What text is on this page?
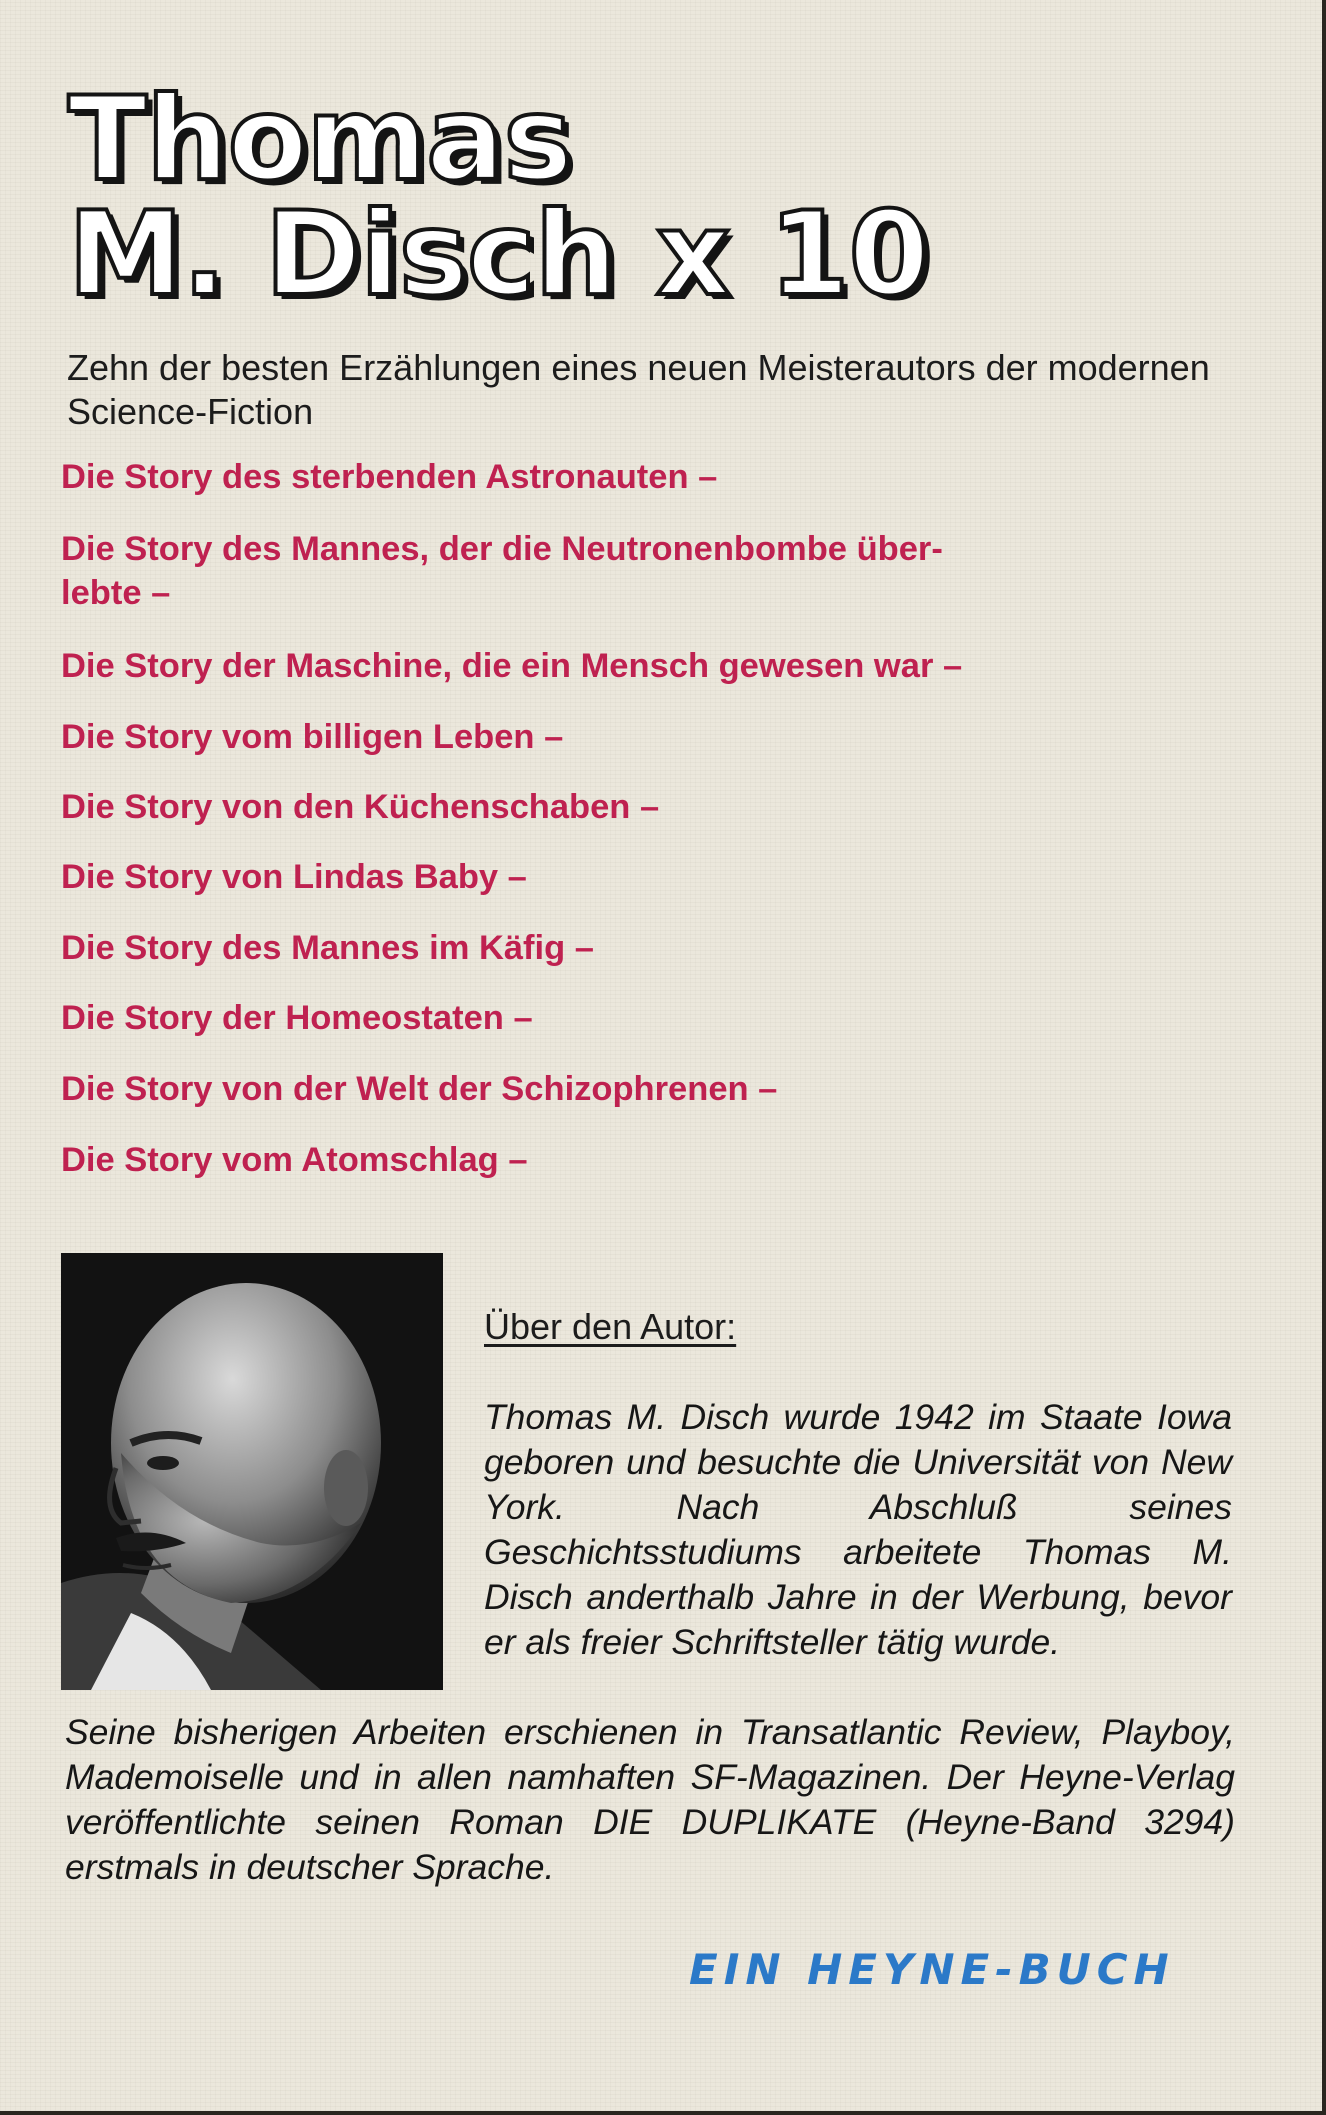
Thomas
M. Disch x 10

Zehn der besten Erzählungen eines neuen Meisterautors der modernen Science-Fiction

Die Story des sterbenden Astronauten –

Die Story des Mannes, der die Neutronenbombe über-

lebte –

Die Story der Maschine, die ein Mensch gewesen war –

Die Story vom billigen Leben –

Die Story von den Küchenschaben –

Die Story von Lindas Baby –

Die Story des Mannes im Käfig –

Die Story der Homeostaten –

Die Story von der Welt der Schizophrenen –

Die Story vom Atomschlag –

Über den Autor:

Thomas M. Disch wurde 1942 im Staate Iowa geboren und besuchte die Universität von New York. Nach Abschluß seines Geschichtsstudiums arbeitete Thomas M. Disch anderthalb Jahre in der Werbung, bevor er als freier Schriftsteller tätig wurde.

Seine bisherigen Arbeiten erschienen in Transatlantic Review, Playboy, Mademoiselle und in allen namhaften SF-Magazinen. Der Heyne-Verlag veröffentlichte seinen Roman DIE DUPLIKATE (Heyne-Band 3294) erstmals in deutscher Sprache.

EIN HEYNE-BUCH
